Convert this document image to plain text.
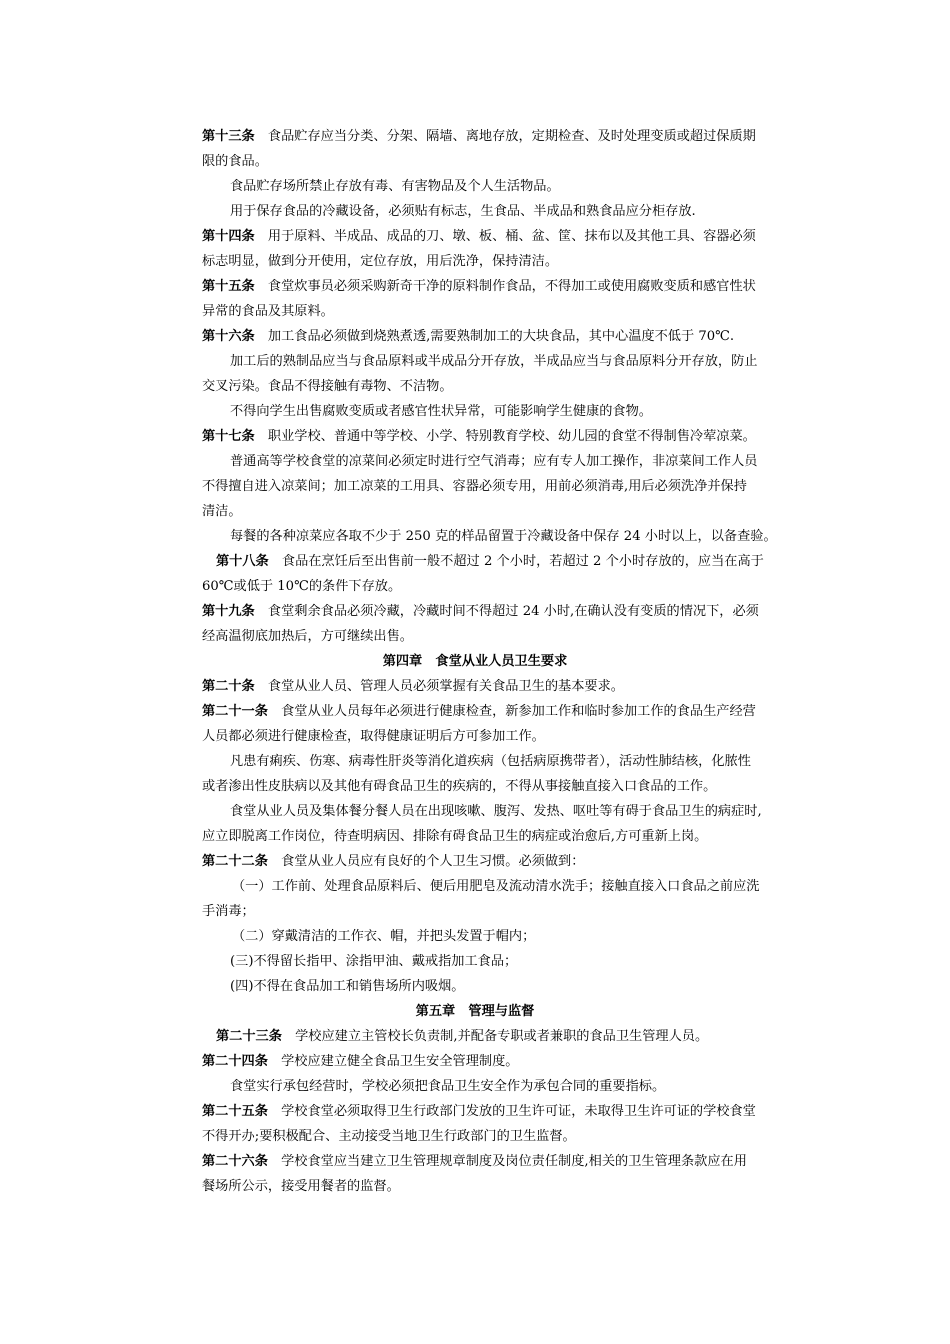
第十三条　食品贮存应当分类、分架、隔墙、离地存放，定期检查、及时处理变质或超过保质期
限的食品。
食品贮存场所禁止存放有毒、有害物品及个人生活物品。
用于保存食品的冷藏设备，必须贴有标志，生食品、半成品和熟食品应分柜存放.
第十四条　用于原料、半成品、成品的刀、墩、板、桶、盆、筐、抹布以及其他工具、容器必须
标志明显，做到分开使用，定位存放，用后洗净，保持清洁。
第十五条　食堂炊事员必须采购新奇干净的原料制作食品，不得加工或使用腐败变质和感官性状
异常的食品及其原料。
第十六条　加工食品必须做到烧熟煮透,需要熟制加工的大块食品，其中心温度不低于 70℃.
加工后的熟制品应当与食品原料或半成品分开存放，半成品应当与食品原料分开存放，防止
交叉污染。食品不得接触有毒物、不洁物。
不得向学生出售腐败变质或者感官性状异常，可能影响学生健康的食物。
第十七条　职业学校、普通中等学校、小学、特别教育学校、幼儿园的食堂不得制售冷荤凉菜。
普通高等学校食堂的凉菜间必须定时进行空气消毒；应有专人加工操作，非凉菜间工作人员
不得擅自进入凉菜间；加工凉菜的工用具、容器必须专用，用前必须消毒,用后必须洗净并保持
清洁。
每餐的各种凉菜应各取不少于 250 克的样品留置于冷藏设备中保存 24 小时以上，以备查验。
第十八条　食品在烹饪后至出售前一般不超过 2 个小时，若超过 2 个小时存放的，应当在高于
60℃或低于 10℃的条件下存放。
第十九条　食堂剩余食品必须冷藏，冷藏时间不得超过 24 小时,在确认没有变质的情况下，必须
经高温彻底加热后，方可继续出售。
第四章　食堂从业人员卫生要求
第二十条　食堂从业人员、管理人员必须掌握有关食品卫生的基本要求。
第二十一条　食堂从业人员每年必须进行健康检查，新参加工作和临时参加工作的食品生产经营
人员都必须进行健康检查，取得健康证明后方可参加工作。
凡患有痢疾、伤寒、病毒性肝炎等消化道疾病（包括病原携带者），活动性肺结核，化脓性
或者渗出性皮肤病以及其他有碍食品卫生的疾病的，不得从事接触直接入口食品的工作。
食堂从业人员及集体餐分餐人员在出现咳嗽、腹泻、发热、呕吐等有碍于食品卫生的病症时,
应立即脱离工作岗位，待查明病因、排除有碍食品卫生的病症或治愈后,方可重新上岗。
第二十二条　食堂从业人员应有良好的个人卫生习惯。必须做到：
（一）工作前、处理食品原料后、便后用肥皂及流动清水洗手；接触直接入口食品之前应洗
手消毒；
（二）穿戴清洁的工作衣、帽，并把头发置于帽内；
(三)不得留长指甲、涂指甲油、戴戒指加工食品；
(四)不得在食品加工和销售场所内吸烟。
第五章　管理与监督
第二十三条　学校应建立主管校长负责制,并配备专职或者兼职的食品卫生管理人员。
第二十四条　学校应建立健全食品卫生安全管理制度。
食堂实行承包经营时，学校必须把食品卫生安全作为承包合同的重要指标。
第二十五条　学校食堂必须取得卫生行政部门发放的卫生许可证，未取得卫生许可证的学校食堂
不得开办;要积极配合、主动接受当地卫生行政部门的卫生监督。
第二十六条　学校食堂应当建立卫生管理规章制度及岗位责任制度,相关的卫生管理条款应在用
餐场所公示，接受用餐者的监督。
